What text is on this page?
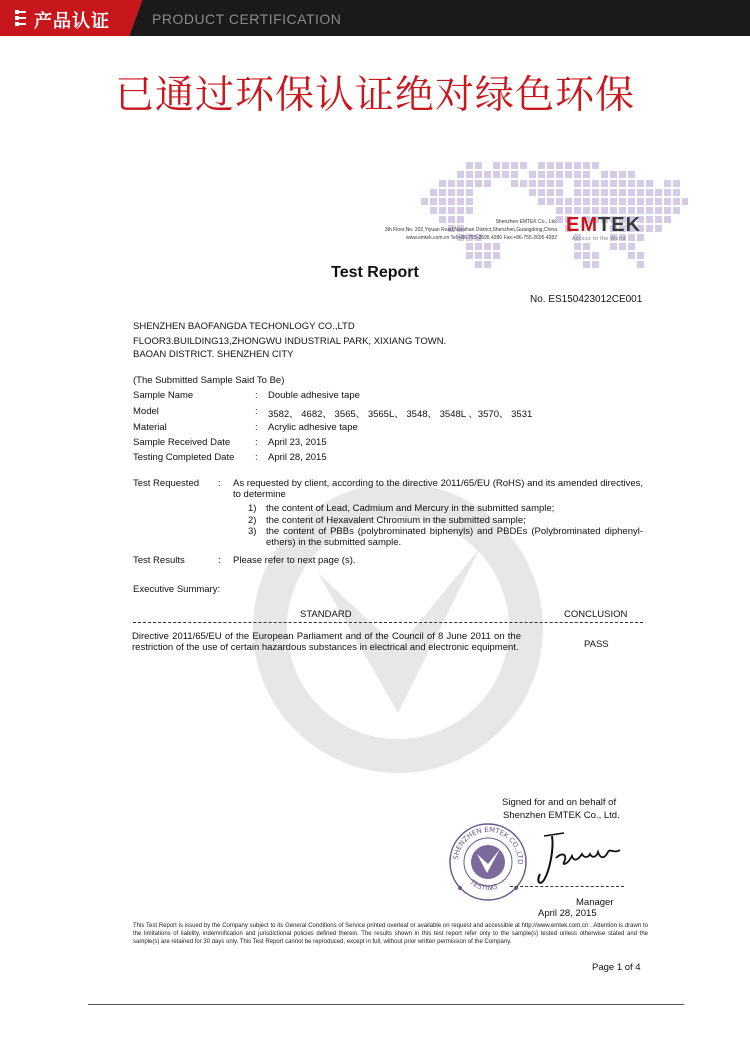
产品认证	PRODUCT CERTIFICATION
已通过环保认证绝对绿色环保
Shenzhen EMTEK Co., Ltd.
3th Floor,No. 202,Yiyuan Road,Nanshan District,Shenzhen,Guangdong,China
www.emtek.com.cn Tel:+86-755-2695 4280 Fax:+86-755-2695 4282
EMTEK
Access to the World
Test Report
No. ES150423012CE001
SHENZHEN BAOFANGDA TECHONLOGY CO.,LTD
FLOOR3.BUILDING13,ZHONGWU INDUSTRIAL PARK, XIXIANG TOWN.
BAOAN DISTRICT. SHENZHEN CITY
(The Submitted Sample Said To Be)
Sample Name	: Double adhesive tape
Model	: 3582、 4682、 3565、 3565L、 3548、 3548L 、3570、 3531
Material	: Acrylic adhesive tape
Sample Received Date	: April 23, 2015
Testing Completed Date : April 28, 2015
Test Requested : As requested by client, according to the directive 2011/65/EU (RoHS) and its amended directives, to determine
1) the content of Lead, Cadmium and Mercury in the submitted sample;
2) the content of Hexavalent Chromium in the submitted sample;
3) the content of PBBs (polybrominated biphenyls) and PBDEs (Polybrominated diphenyl-ethers) in the submitted sample.
Test Results	: Please refer to next page (s).
Executive Summary:
STANDARD	CONCLUSION
Directive 2011/65/EU of the European Parliament and of the Council of 8 June 2011 on the restriction of the use of certain hazardous substances in electrical and electronic equipment.	PASS
Signed for and on behalf of
Shenzhen EMTEK Co., Ltd.
SHENZHEN EMTEK CO.,LTD
TESTING
Manager
April 28, 2015
This Test Report is issued by the Company subject to its General Conditions of Service printed overleaf or available on request and accessible at http://www.emtek.com.cn . Attention is drawn to the limitations of liability, indemnification and jurisdictional policies defined therein. The results shown in this test report refer only to the sample(s) tested unless otherwise stated and the sample(s) are retained for 30 days only. This Test Report cannot be reproduced, except in full, without prior written permission of the Company.
Page 1 of 4
